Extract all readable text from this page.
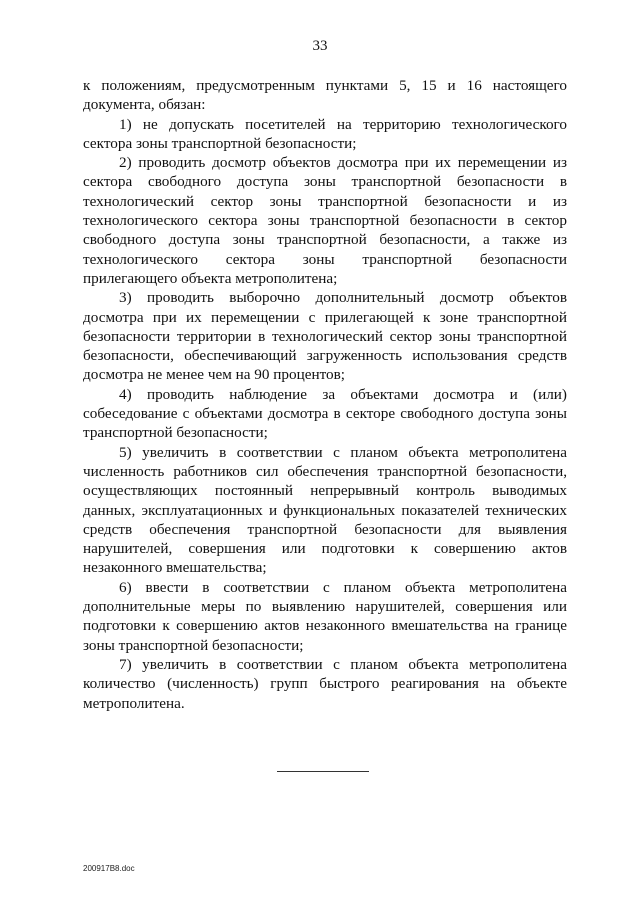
33

к положениям, предусмотренным пунктами 5, 15 и 16 настоящего документа, обязан:

1) не допускать посетителей на территорию технологического сектора зоны транспортной безопасности;

2) проводить досмотр объектов досмотра при их перемещении из сектора свободного доступа зоны транспортной безопасности в технологический сектор зоны транспортной безопасности и из технологического сектора зоны транспортной безопасности в сектор свободного доступа зоны транспортной безопасности, а также из технологического сектора зоны транспортной безопасности прилегающего объекта метрополитена;

3) проводить выборочно дополнительный досмотр объектов досмотра при их перемещении с прилегающей к зоне транспортной безопасности территории в технологический сектор зоны транспортной безопасности, обеспечивающий загруженность использования средств досмотра не менее чем на 90 процентов;

4) проводить наблюдение за объектами досмотра и (или) собеседование с объектами досмотра в секторе свободного доступа зоны транспортной безопасности;

5) увеличить в соответствии с планом объекта метрополитена численность работников сил обеспечения транспортной безопасности, осуществляющих постоянный непрерывный контроль выводимых данных, эксплуатационных и функциональных показателей технических средств обеспечения транспортной безопасности для выявления нарушителей, совершения или подготовки к совершению актов незаконного вмешательства;

6) ввести в соответствии с планом объекта метрополитена дополнительные меры по выявлению нарушителей, совершения или подготовки к совершению актов незаконного вмешательства на границе зоны транспортной безопасности;

7) увеличить в соответствии с планом объекта метрополитена количество (численность) групп быстрого реагирования на объекте метрополитена.

200917B8.doc
